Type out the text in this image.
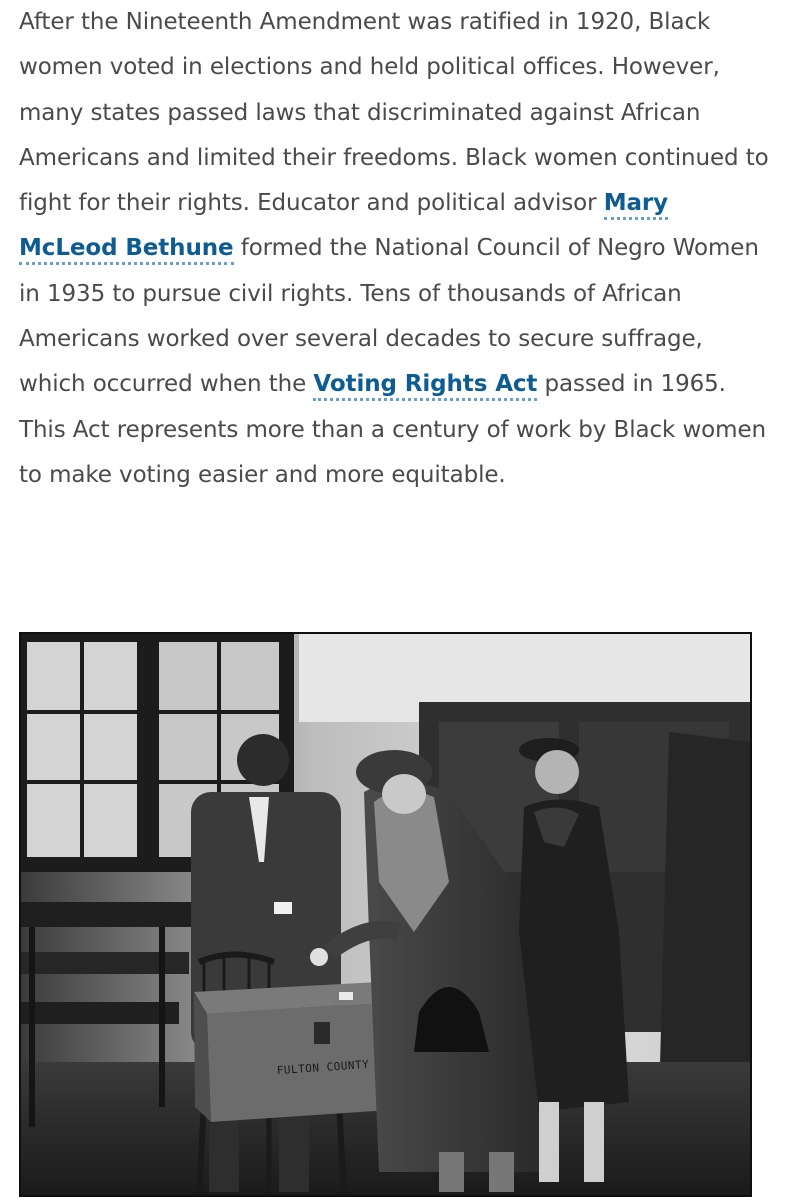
After the Nineteenth Amendment was ratified in 1920, Black women voted in elections and held political offices. However, many states passed laws that discriminated against African Americans and limited their freedoms. Black women continued to fight for their rights. Educator and political advisor Mary McLeod Bethune formed the National Council of Negro Women in 1935 to pursue civil rights. Tens of thousands of African Americans worked over several decades to secure suffrage, which occurred when the Voting Rights Act passed in 1965. This Act represents more than a century of work by Black women to make voting easier and more equitable.

FULTON COUNTY
